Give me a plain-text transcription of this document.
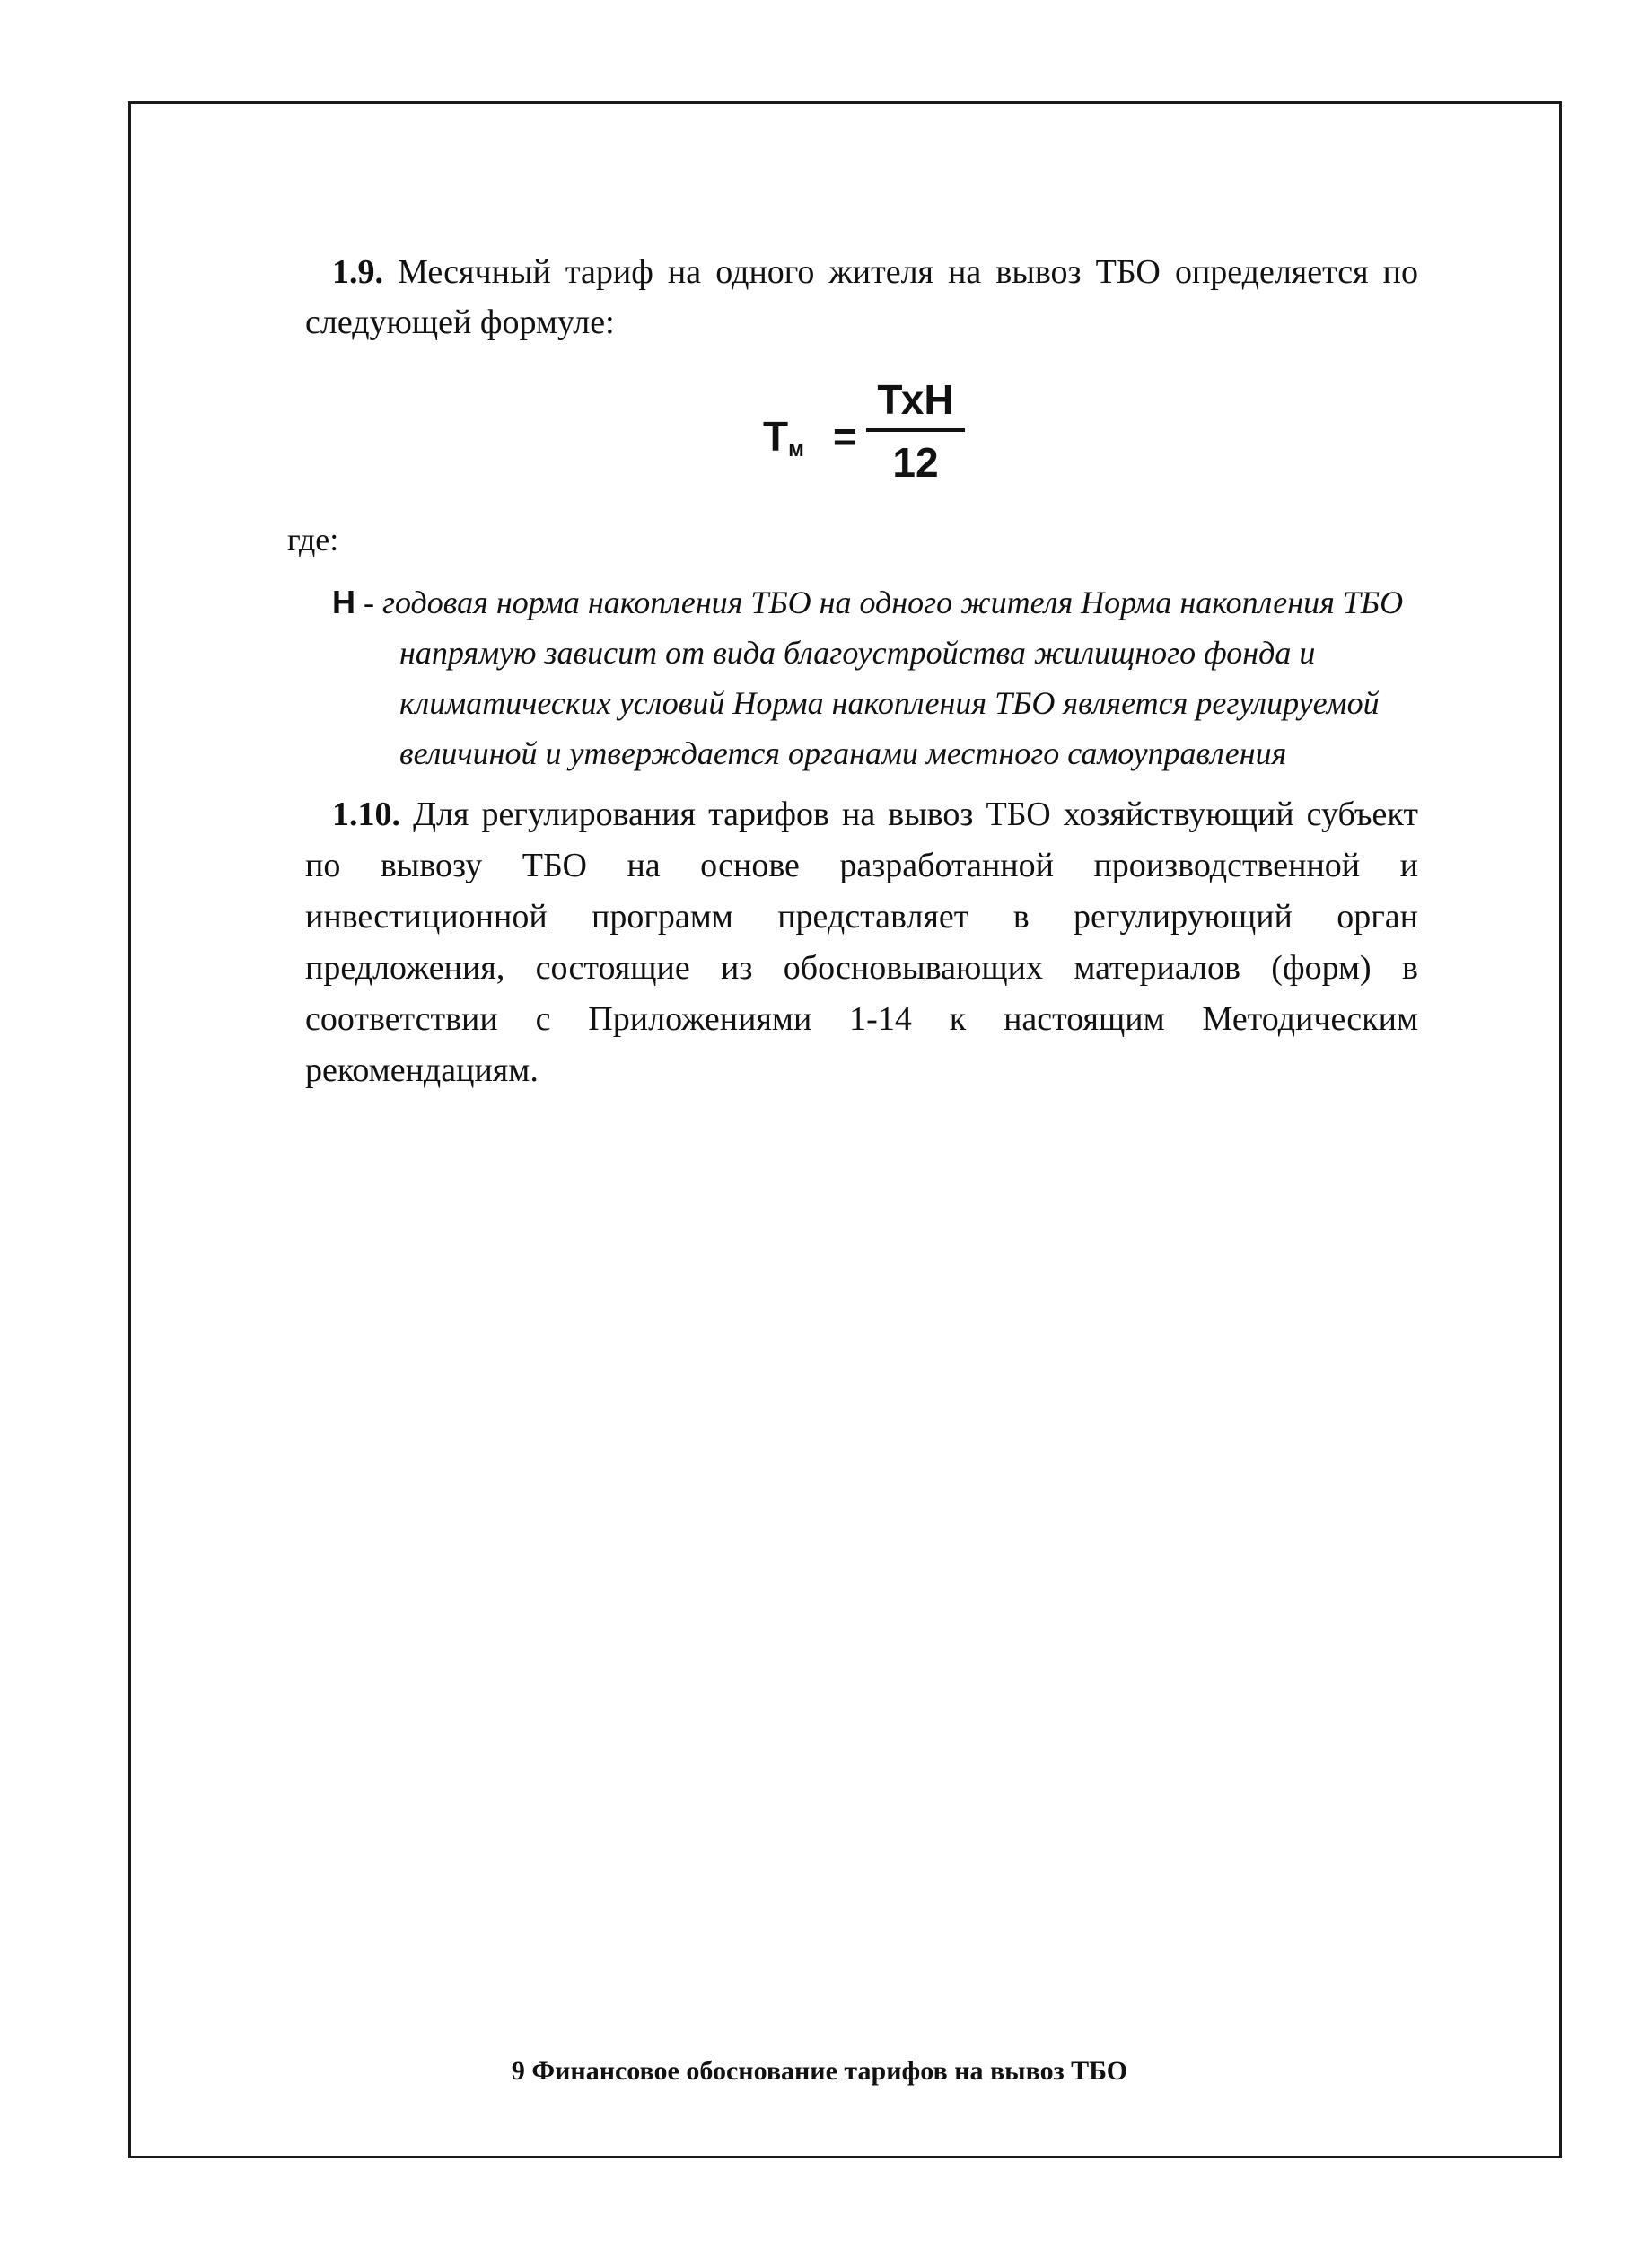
1.9. Месячный тариф на одного жителя на вывоз ТБО определяется по следующей формуле:

$Т_м$ =
ТхН
12

где:

Н - годовая норма накопления ТБО на одного жителя Норма накопления ТБО напрямую зависит от вида благоустройства жилищного фонда и климатических условий Норма накопления ТБО является регулируемой величиной и утверждается органами местного самоуправления

1.10. Для регулирования тарифов на вывоз ТБО хозяйствующий субъект по вывозу ТБО на основе разработанной производственной и инвестиционной программ представляет в регулирующий орган предложения, состоящие из обосновывающих материалов (форм) в соответствии с Приложениями 1-14 к настоящим Методическим рекомендациям.

9 Финансовое обоснование тарифов на вывоз ТБО
